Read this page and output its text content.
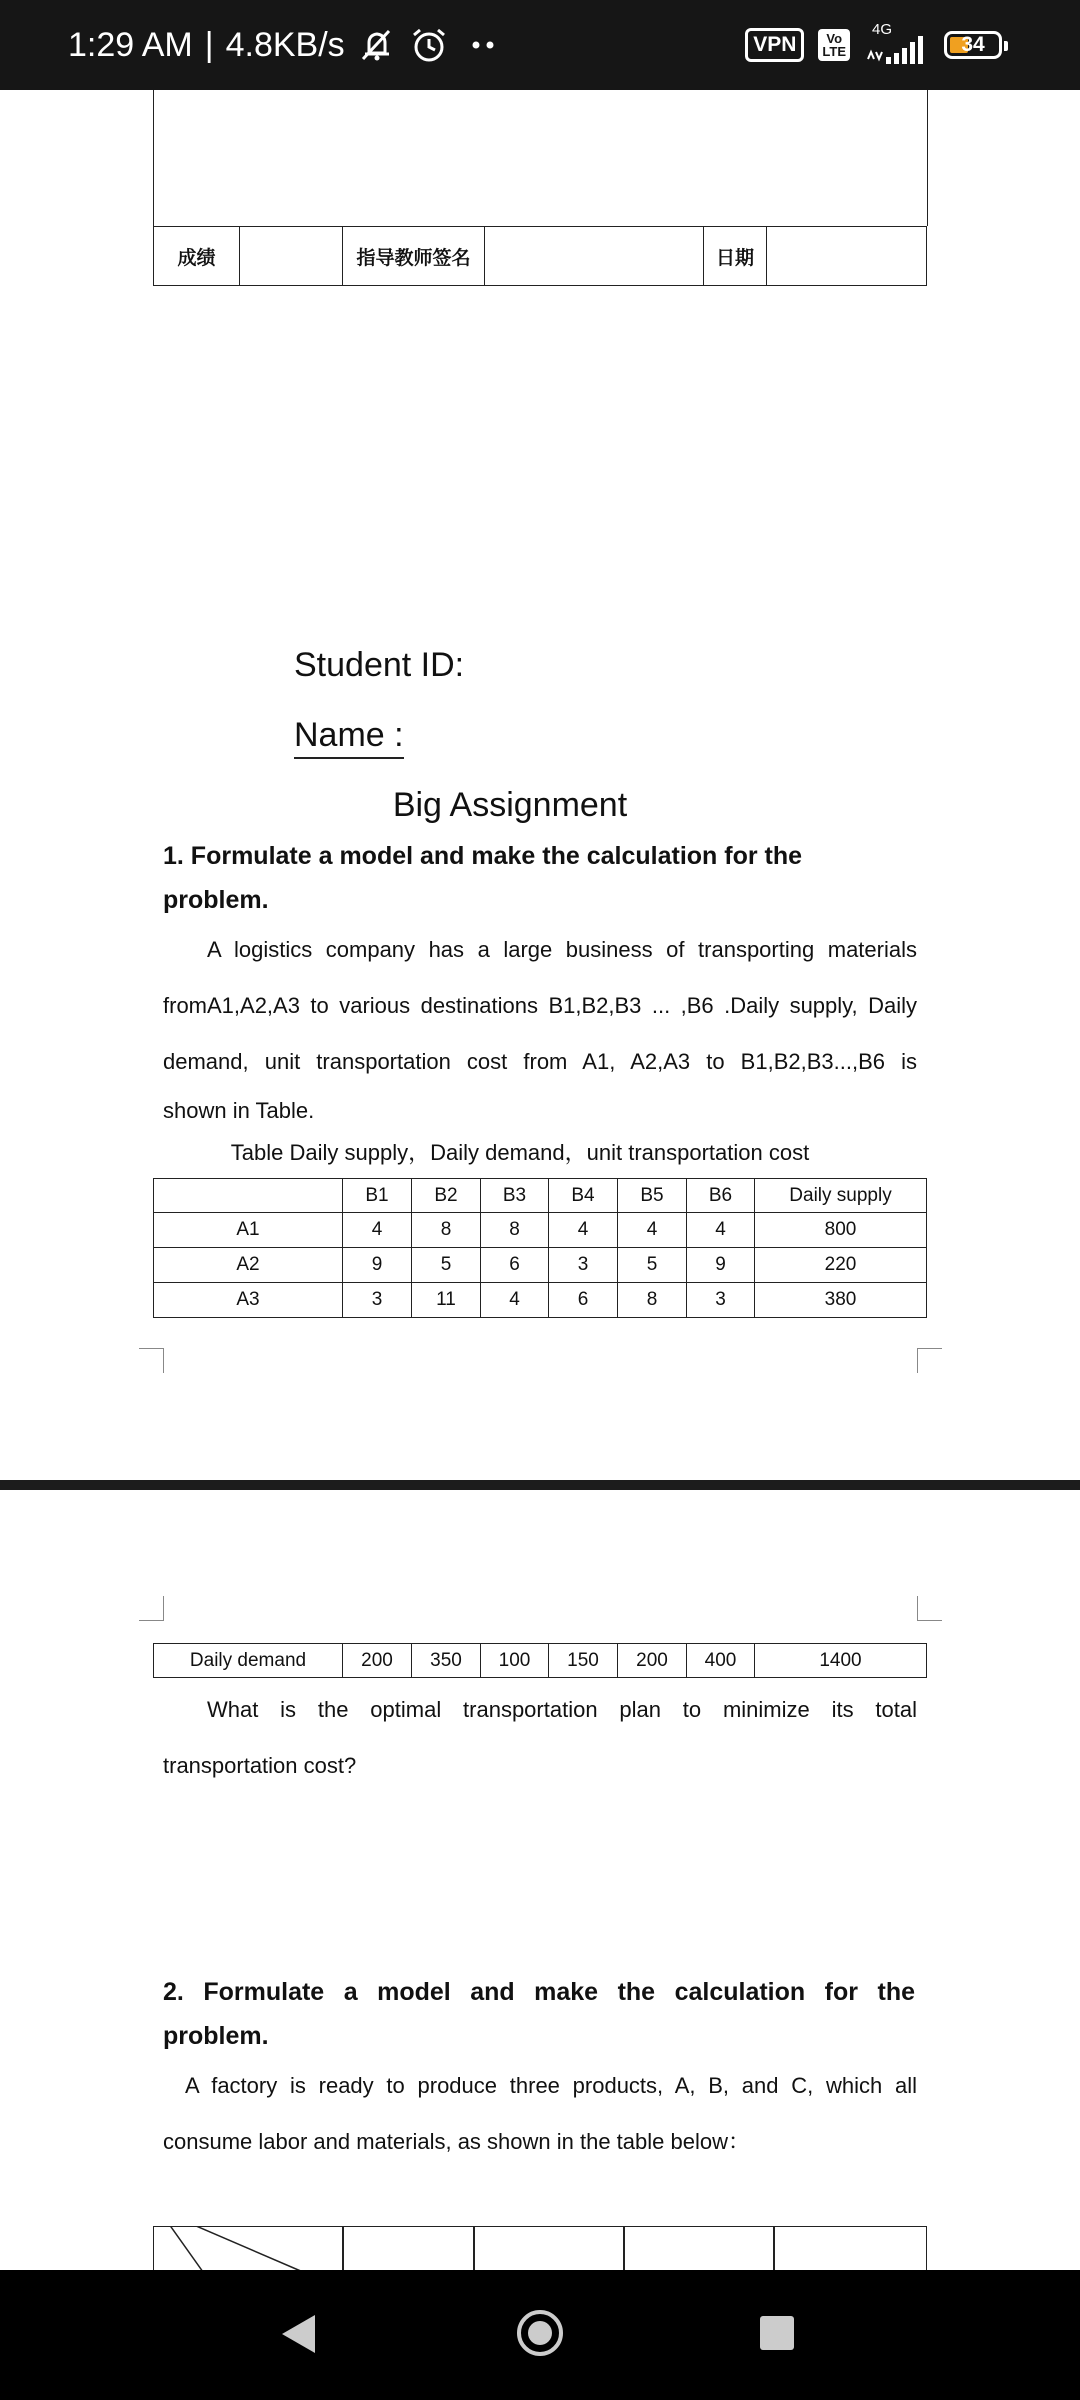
1:29 AM | 4.8KB/s	VPN	Vo
LTE
4G
34
成绩		指导教师签名		日期	
Student ID:
Name :
Big Assignment
1. Formulate a model and make the calculation for the
problem.
A logistics company has a large business of transporting materials
fromA1,A2,A3 to various destinations B1,B2,B3 ... ,B6 .Daily supply, Daily
demand, unit transportation cost from A1, A2,A3 to B1,B2,B3...,B6 is
shown in Table.
Table Daily supply，Daily demand，unit transportation cost
	B1	B2	B3	B4	B5	B6	Daily supply
A1	4	8	8	4	4	4	800
A2	9	5	6	3	5	9	220
A3	3	11	4	6	8	3	380
Daily demand	200	350	100	150	200	400	1400
What is the optimal transportation plan to minimize its total
transportation cost?
2. Formulate a model and make the calculation for the
problem.
A factory is ready to produce three products, A, B, and C, which all
consume labor and materials, as shown in the table below：
